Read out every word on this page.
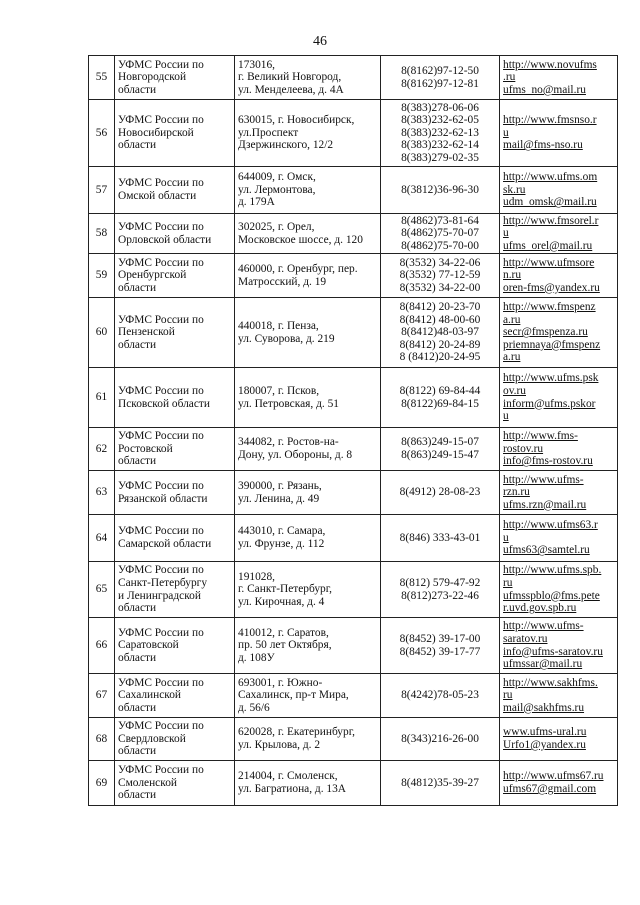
46
55	УФМС России по
Новгородской
области	173016,
г. Великий Новгород,
ул. Менделеева, д. 4А	8(8162)97-12-50
8(8162)97-12-81	http://www.novufms
.ru
ufms_no@mail.ru

56	УФМС России по
Новосибирской
области	630015, г. Новосибирск,
ул.Проспект
Дзержинского, 12/2	8(383)278-06-06
8(383)232-62-05
8(383)232-62-13
8(383)232-62-14
8(383)279-02-35	http://www.fmsnso.r
u
mail@fms-nso.ru

57	УФМС России по
Омской области	644009, г. Омск,
ул. Лермонтова,
д. 179А	8(3812)36-96-30	http://www.ufms.om
sk.ru
udm_omsk@mail.ru

58	УФМС России по
Орловской области	302025, г. Орел,
Московское шоссе, д. 120	8(4862)73-81-64
8(4862)75-70-07
8(4862)75-70-00	http://www.fmsorel.r
u
ufms_orel@mail.ru

59	УФМС России по
Оренбургской
области	460000, г. Оренбург, пер.
Матросский, д. 19	8(3532) 34-22-06
8(3532) 77-12-59
8(3532) 34-22-00	http://www.ufmsore
n.ru
oren-fms@yandex.ru

60	УФМС России по
Пензенской
области	440018, г. Пенза,
ул. Суворова, д. 219	8(8412) 20-23-70
8(8412) 48-00-60
8(8412)48-03-97
8(8412) 20-24-89
8 (8412)20-24-95	http://www.fmspenz
a.ru
secr@fmspenza.ru
priemnaya@fmspenz
a.ru

61	УФМС России по
Псковской области	180007, г. Псков,
ул. Петровская, д. 51	8(8122) 69-84-44
8(8122)69-84-15	http://www.ufms.psk
ov.ru
inform@ufms.pskor
u

62	УФМС России по
Ростовской
области	344082, г. Ростов-на-
Дону, ул. Обороны, д. 8	8(863)249-15-07
8(863)249-15-47	http://www.fms-
rostov.ru
info@fms-rostov.ru

63	УФМС России по
Рязанской области	390000, г. Рязань,
ул. Ленина, д. 49	8(4912) 28-08-23	http://www.ufms-
rzn.ru
ufms.rzn@mail.ru

64	УФМС России по
Самарской области	443010, г. Самара,
ул. Фрунзе, д. 112	8(846) 333-43-01	http://www.ufms63.r
u
ufms63@samtel.ru

65	УФМС России по
Санкт-Петербургу
и Ленинградской
области	191028,
г. Санкт-Петербург,
ул. Кирочная, д. 4	8(812) 579-47-92
8(812)273-22-46	http://www.ufms.spb.
ru
ufmsspblo@fms.pete
r.uvd.gov.spb.ru

66	УФМС России по
Саратовской
области	410012, г. Саратов,
пр. 50 лет Октября,
д. 108У	8(8452) 39-17-00
8(8452) 39-17-77	http://www.ufms-
saratov.ru
info@ufms-saratov.ru
ufmssar@mail.ru

67	УФМС России по
Сахалинской
области	693001, г. Южно-
Сахалинск, пр-т Мира,
д. 56/6	8(4242)78-05-23	http://www.sakhfms.
ru
mail@sakhfms.ru

68	УФМС России по
Свердловской
области	620028, г. Екатеринбург,
ул. Крылова, д. 2	8(343)216-26-00	www.ufms-ural.ru
Urfo1@yandex.ru

69	УФМС России по
Смоленской
области	214004, г. Смоленск,
ул. Багратиона, д. 13А	8(4812)35-39-27	http://www.ufms67.ru
ufms67@gmail.com
